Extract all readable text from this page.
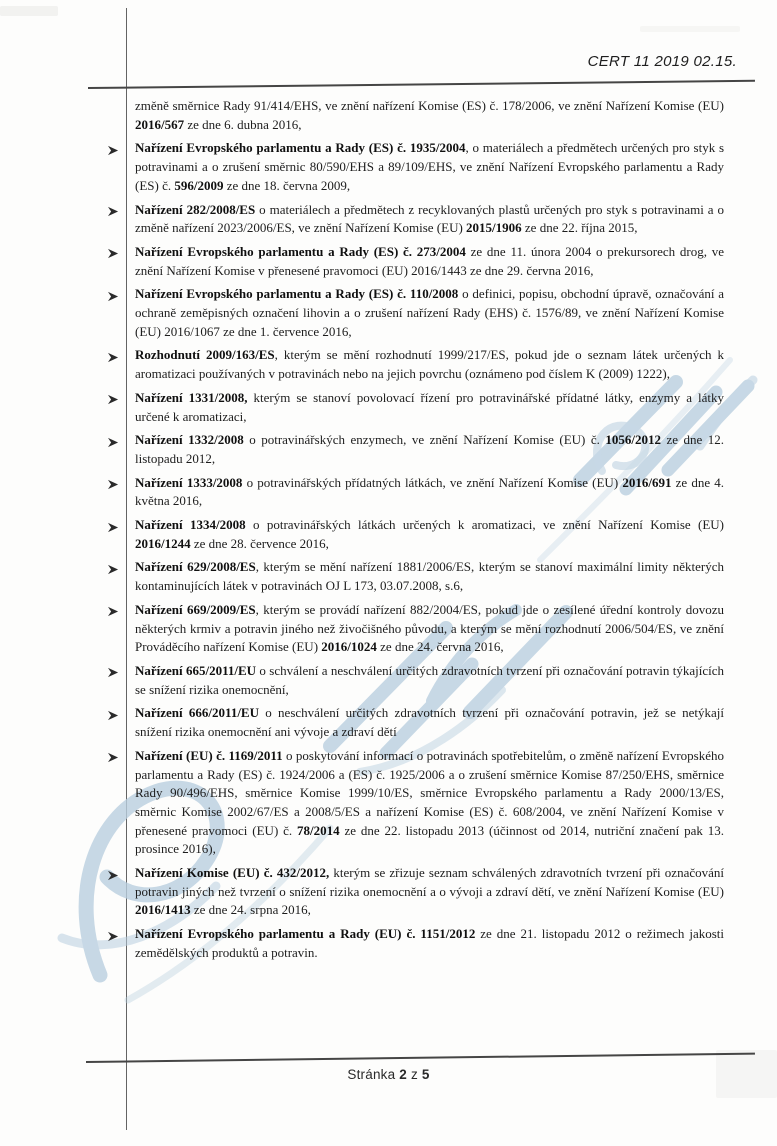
CERT 11 2019 02.15.
změně směrnice Rady 91/414/EHS, ve znění nařízení Komise (ES) č. 178/2006, ve znění Nařízení Komise (EU) 2016/567 ze dne 6. dubna 2016,
Nařízení Evropského parlamentu a Rady (ES) č. 1935/2004, o materiálech a předmětech určených pro styk s potravinami a o zrušení směrnic 80/590/EHS a 89/109/EHS, ve znění Nařízení Evropského parlamentu a Rady (ES) č. 596/2009 ze dne 18. června 2009,
Nařízení 282/2008/ES o materiálech a předmětech z recyklovaných plastů určených pro styk s potravinami a o změně nařízení 2023/2006/ES, ve znění Nařízení Komise (EU) 2015/1906 ze dne 22. října 2015,
Nařízení Evropského parlamentu a Rady (ES) č. 273/2004 ze dne 11. února 2004 o prekursorech drog, ve znění Nařízení Komise v přenesené pravomoci (EU) 2016/1443 ze dne 29. června 2016,
Nařízení Evropského parlamentu a Rady (ES) č. 110/2008 o definici, popisu, obchodní úpravě, označování a ochraně zeměpisných označení lihovin a o zrušení nařízení Rady (EHS) č. 1576/89, ve znění Nařízení Komise (EU) 2016/1067 ze dne 1. července 2016,
Rozhodnutí 2009/163/ES, kterým se mění rozhodnutí 1999/217/ES, pokud jde o seznam látek určených k aromatizaci používaných v potravinách nebo na jejich povrchu (oznámeno pod číslem K (2009) 1222),
Nařízení 1331/2008, kterým se stanoví povolovací řízení pro potravinářské přídatné látky, enzymy a látky určené k aromatizaci,
Nařízení 1332/2008 o potravinářských enzymech, ve znění Nařízení Komise (EU) č. 1056/2012 ze dne 12. listopadu 2012,
Nařízení 1333/2008 o potravinářských přídatných látkách, ve znění Nařízení Komise (EU) 2016/691 ze dne 4. května 2016,
Nařízení 1334/2008 o potravinářských látkách určených k aromatizaci, ve znění Nařízení Komise (EU) 2016/1244 ze dne 28. července 2016,
Nařízení 629/2008/ES, kterým se mění nařízení 1881/2006/ES, kterým se stanoví maximální limity některých kontaminujících látek v potravinách OJ L 173, 03.07.2008, s.6,
Nařízení 669/2009/ES, kterým se provádí nařízení 882/2004/ES, pokud jde o zesílené úřední kontroly dovozu některých krmiv a potravin jiného než živočišného původu, a kterým se mění rozhodnutí 2006/504/ES, ve znění Prováděcího nařízení Komise (EU) 2016/1024 ze dne 24. června 2016,
Nařízení 665/2011/EU o schválení a neschválení určitých zdravotních tvrzení při označování potravin týkajících se snížení rizika onemocnění,
Nařízení 666/2011/EU o neschválení určitých zdravotních tvrzení při označování potravin, jež se netýkají snížení rizika onemocnění ani vývoje a zdraví dětí
Nařízení (EU) č. 1169/2011 o poskytování informací o potravinách spotřebitelům, o změně nařízení Evropského parlamentu a Rady (ES) č. 1924/2006 a (ES) č. 1925/2006 a o zrušení směrnice Komise 87/250/EHS, směrnice Rady 90/496/EHS, směrnice Komise 1999/10/ES, směrnice Evropského parlamentu a Rady 2000/13/ES, směrnic Komise 2002/67/ES a 2008/5/ES a nařízení Komise (ES) č. 608/2004, ve znění Nařízení Komise v přenesené pravomoci (EU) č. 78/2014 ze dne 22. listopadu 2013 (účinnost od 2014, nutriční značení pak 13. prosince 2016),
Nařízení Komise (EU) č. 432/2012, kterým se zřizuje seznam schválených zdravotních tvrzení při označování potravin jiných než tvrzení o snížení rizika onemocnění a o vývoji a zdraví dětí, ve znění Nařízení Komise (EU) 2016/1413 ze dne 24. srpna 2016,
Nařízení Evropského parlamentu a Rady (EU) č. 1151/2012 ze dne 21. listopadu 2012 o režimech jakosti zemědělských produktů a potravin.
Stránka 2 z 5
